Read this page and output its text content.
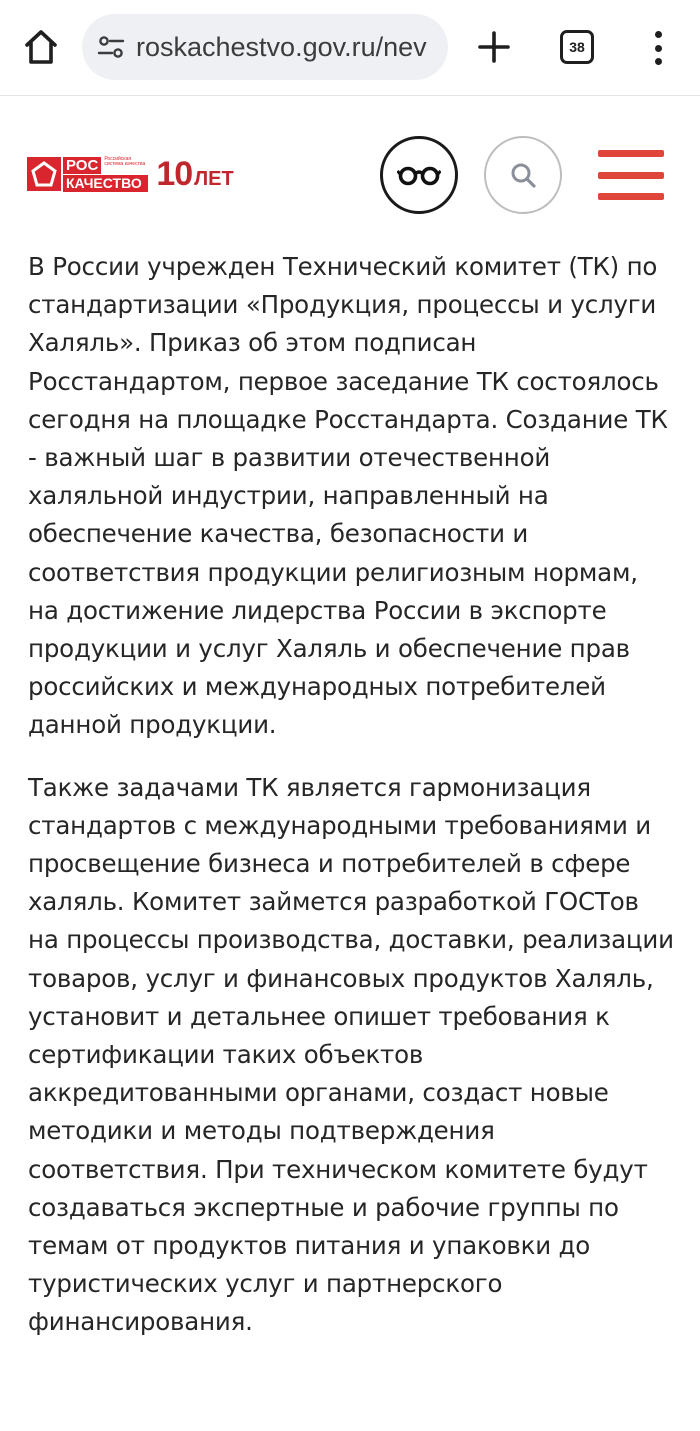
roskachestvo.gov.ru/nev	38
РОС	Российская система качества
КАЧЕСТВО 10 ЛЕТ

В России учрежден Технический комитет (ТК) по стандартизации «Продукция, процессы и услуги Халяль». Приказ об этом подписан Росстандартом, первое заседание ТК состоялось сегодня на площадке Росстандарта. Создание ТК - важный шаг в развитии отечественной халяльной индустрии, направленный на обеспечение качества, безопасности и соответствия продукции религиозным нормам, на достижение лидерства России в экспорте продукции и услуг Халяль и обеспечение прав российских и международных потребителей данной продукции.

Также задачами ТК является гармонизация стандартов с международными требованиями и просвещение бизнеса и потребителей в сфере халяль. Комитет займется разработкой ГОСТов на процессы производства, доставки, реализации товаров, услуг и финансовых продуктов Халяль, установит и детальнее опишет требования к сертификации таких объектов аккредитованными органами, создаст новые методики и методы подтверждения соответствия. При техническом комитете будут создаваться экспертные и рабочие группы по темам от продуктов питания и упаковки до туристических услуг и партнерского финансирования.
